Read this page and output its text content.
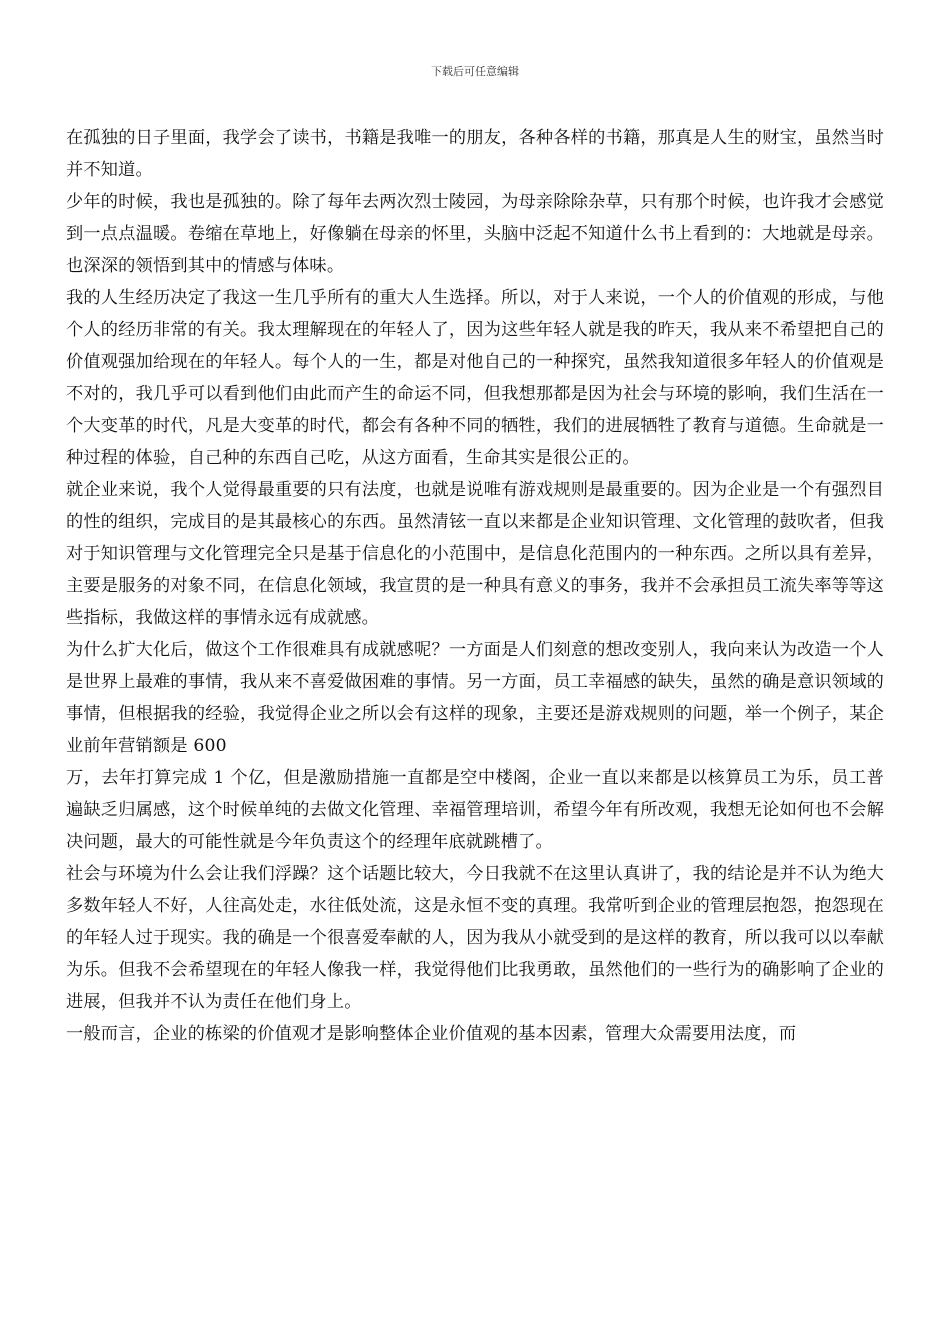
下载后可任意编辑

在孤独的日子里面，我学会了读书，书籍是我唯一的朋友，各种各样的书籍，那真是人生的财宝，虽然当时并不知道。

少年的时候，我也是孤独的。除了每年去两次烈士陵园，为母亲除除杂草，只有那个时候，也许我才会感觉到一点点温暖。卷缩在草地上，好像躺在母亲的怀里，头脑中泛起不知道什么书上看到的：大地就是母亲。也深深的领悟到其中的情感与体味。

我的人生经历决定了我这一生几乎所有的重大人生选择。所以，对于人来说，一个人的价值观的形成，与他个人的经历非常的有关。我太理解现在的年轻人了，因为这些年轻人就是我的昨天，我从来不希望把自己的价值观强加给现在的年轻人。每个人的一生，都是对他自己的一种探究，虽然我知道很多年轻人的价值观是不对的，我几乎可以看到他们由此而产生的命运不同，但我想那都是因为社会与环境的影响，我们生活在一个大变革的时代，凡是大变革的时代，都会有各种不同的牺牲，我们的进展牺牲了教育与道德。生命就是一种过程的体验，自己种的东西自己吃，从这方面看，生命其实是很公正的。

就企业来说，我个人觉得最重要的只有法度，也就是说唯有游戏规则是最重要的。因为企业是一个有强烈目的性的组织，完成目的是其最核心的东西。虽然清铉一直以来都是企业知识管理、文化管理的鼓吹者，但我对于知识管理与文化管理完全只是基于信息化的小范围中，是信息化范围内的一种东西。之所以具有差异，主要是服务的对象不同，在信息化领域，我宣贯的是一种具有意义的事务，我并不会承担员工流失率等等这些指标，我做这样的事情永远有成就感。

为什么扩大化后，做这个工作很难具有成就感呢？一方面是人们刻意的想改变别人，我向来认为改造一个人是世界上最难的事情，我从来不喜爱做困难的事情。另一方面，员工幸福感的缺失，虽然的确是意识领域的事情，但根据我的经验，我觉得企业之所以会有这样的现象，主要还是游戏规则的问题，举一个例子，某企业前年营销额是 600

万，去年打算完成 1 个亿，但是激励措施一直都是空中楼阁，企业一直以来都是以核算员工为乐，员工普遍缺乏归属感，这个时候单纯的去做文化管理、幸福管理培训，希望今年有所改观，我想无论如何也不会解决问题，最大的可能性就是今年负责这个的经理年底就跳槽了。

社会与环境为什么会让我们浮躁？这个话题比较大，今日我就不在这里认真讲了，我的结论是并不认为绝大多数年轻人不好，人往高处走，水往低处流，这是永恒不变的真理。我常听到企业的管理层抱怨，抱怨现在的年轻人过于现实。我的确是一个很喜爱奉献的人，因为我从小就受到的是这样的教育，所以我可以以奉献为乐。但我不会希望现在的年轻人像我一样，我觉得他们比我勇敢，虽然他们的一些行为的确影响了企业的进展，但我并不认为责任在他们身上。

一般而言，企业的栋梁的价值观才是影响整体企业价值观的基本因素，管理大众需要用法度，而
